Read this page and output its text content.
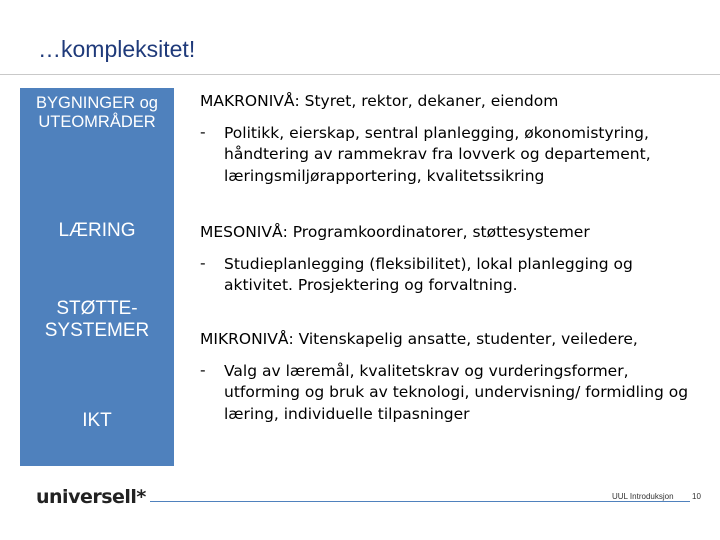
…kompleksitet!
BYGNINGER og UTEOMRÅDER
LÆRING
STØTTE-SYSTEMER
IKT
MAKRONIVÅ: Styret, rektor, dekaner, eiendom
- Politikk, eierskap, sentral planlegging, økonomistyring, håndtering av rammekrav fra lovverk og departement, læringsmiljørapportering, kvalitetssikring
MESONIVÅ: Programkoordinatorer, støttesystemer
- Studieplanlegging (fleksibilitet), lokal planlegging og aktivitet. Prosjektering og forvaltning.
MIKRONIVÅ: Vitenskapelig ansatte, studenter, veiledere,
- Valg av læremål, kvalitetskrav og vurderingsformer, utforming og bruk av teknologi, undervisning/ formidling og læring, individuelle tilpasninger
universell*	UUL Introduksjon 10
